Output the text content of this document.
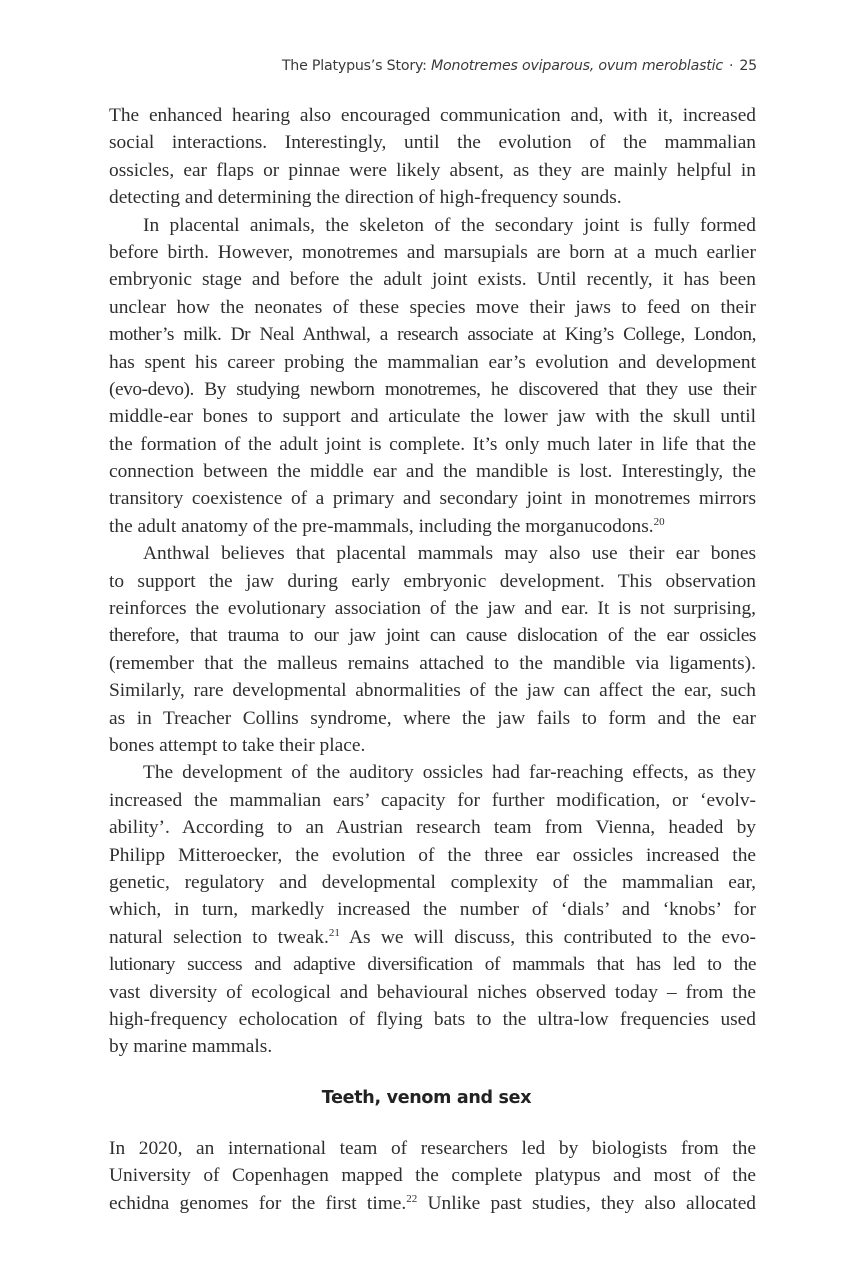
The Platypus’s Story: Monotremes oviparous, ovum meroblastic · 25
The enhanced hearing also encouraged communication and, with it, increased
social interactions. Interestingly, until the evolution of the mammalian
ossicles, ear flaps or pinnae were likely absent, as they are mainly helpful in
detecting and determining the direction of high-frequency sounds.
In placental animals, the skeleton of the secondary joint is fully formed
before birth. However, monotremes and marsupials are born at a much earlier
embryonic stage and before the adult joint exists. Until recently, it has been
unclear how the neonates of these species move their jaws to feed on their
mother’s milk. Dr Neal Anthwal, a research associate at King’s College, London,
has spent his career probing the mammalian ear’s evolution and development
(evo-devo). By studying newborn monotremes, he discovered that they use their
middle-ear bones to support and articulate the lower jaw with the skull until
the formation of the adult joint is complete. It’s only much later in life that the
connection between the middle ear and the mandible is lost. Interestingly, the
transitory coexistence of a primary and secondary joint in monotremes mirrors
the adult anatomy of the pre-mammals, including the morganucodons.$^{20}$
Anthwal believes that placental mammals may also use their ear bones
to support the jaw during early embryonic development. This observation
reinforces the evolutionary association of the jaw and ear. It is not surprising,
therefore, that trauma to our jaw joint can cause dislocation of the ear ossicles
(remember that the malleus remains attached to the mandible via ligaments).
Similarly, rare developmental abnormalities of the jaw can affect the ear, such
as in Treacher Collins syndrome, where the jaw fails to form and the ear
bones attempt to take their place.
The development of the auditory ossicles had far-reaching effects, as they
increased the mammalian ears’ capacity for further modification, or ‘evolv-
ability’. According to an Austrian research team from Vienna, headed by
Philipp Mitteroecker, the evolution of the three ear ossicles increased the
genetic, regulatory and developmental complexity of the mammalian ear,
which, in turn, markedly increased the number of ‘dials’ and ‘knobs’ for
natural selection to tweak.$^{21}$ As we will discuss, this contributed to the evo-
lutionary success and adaptive diversification of mammals that has led to the
vast diversity of ecological and behavioural niches observed today – from the
high-frequency echolocation of flying bats to the ultra-low frequencies used
by marine mammals.
Teeth, venom and sex
In 2020, an international team of researchers led by biologists from the
University of Copenhagen mapped the complete platypus and most of the
echidna genomes for the first time.$^{22}$ Unlike past studies, they also allocated
